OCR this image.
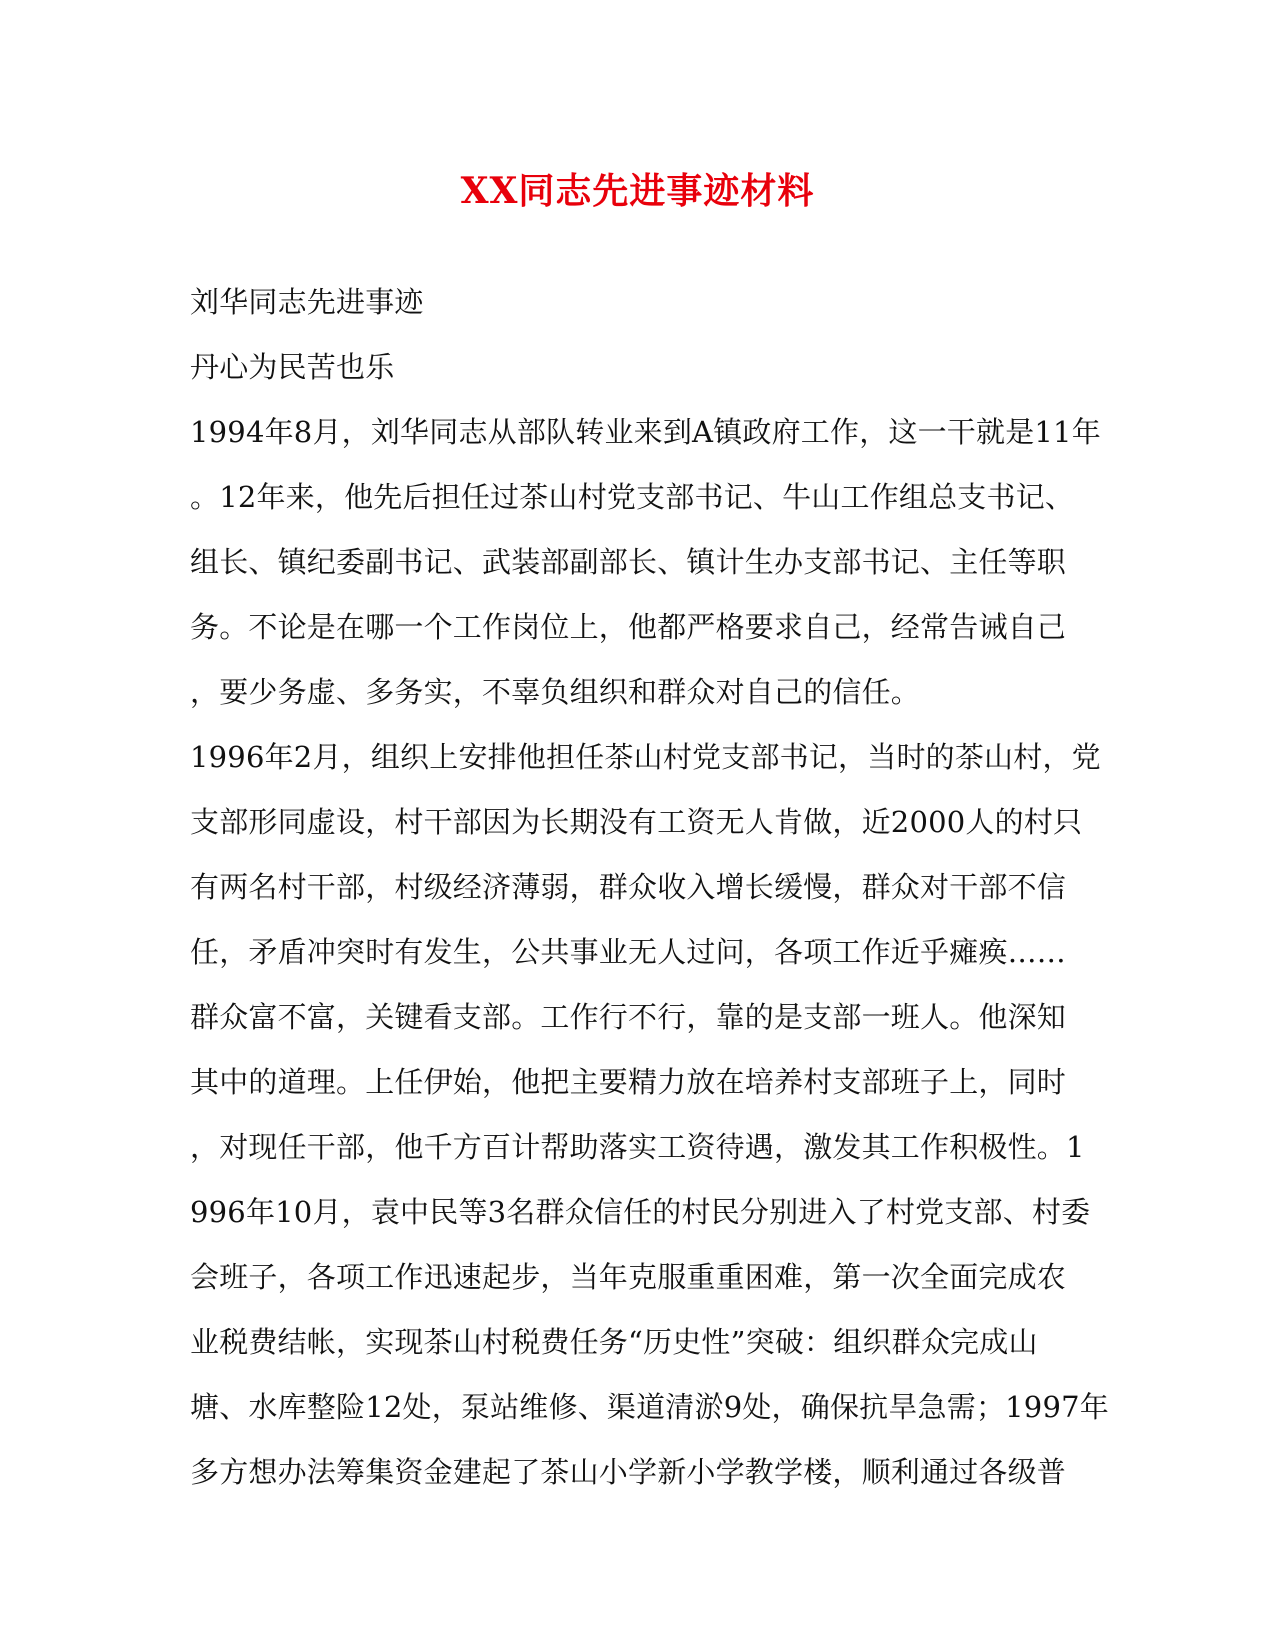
XX同志先进事迹材料
刘华同志先进事迹
丹心为民苦也乐
1994年8月，刘华同志从部队转业来到A镇政府工作，这一干就是11年
。12年来，他先后担任过茶山村党支部书记、牛山工作组总支书记、
组长、镇纪委副书记、武装部副部长、镇计生办支部书记、主任等职
务。不论是在哪一个工作岗位上，他都严格要求自己，经常告诫自己
，要少务虚、多务实，不辜负组织和群众对自己的信任。
1996年2月，组织上安排他担任茶山村党支部书记，当时的茶山村，党
支部形同虚设，村干部因为长期没有工资无人肯做，近2000人的村只
有两名村干部，村级经济薄弱，群众收入增长缓慢，群众对干部不信
任，矛盾冲突时有发生，公共事业无人过问，各项工作近乎瘫痪……
群众富不富，关键看支部。工作行不行，靠的是支部一班人。他深知
其中的道理。上任伊始，他把主要精力放在培养村支部班子上，同时
，对现任干部，他千方百计帮助落实工资待遇，激发其工作积极性。1
996年10月，袁中民等3名群众信任的村民分别进入了村党支部、村委
会班子，各项工作迅速起步，当年克服重重困难，第一次全面完成农
业税费结帐，实现茶山村税费任务“历史性”突破：组织群众完成山
塘、水库整险12处，泵站维修、渠道清淤9处，确保抗旱急需；1997年
多方想办法筹集资金建起了茶山小学新小学教学楼，顺利通过各级普
